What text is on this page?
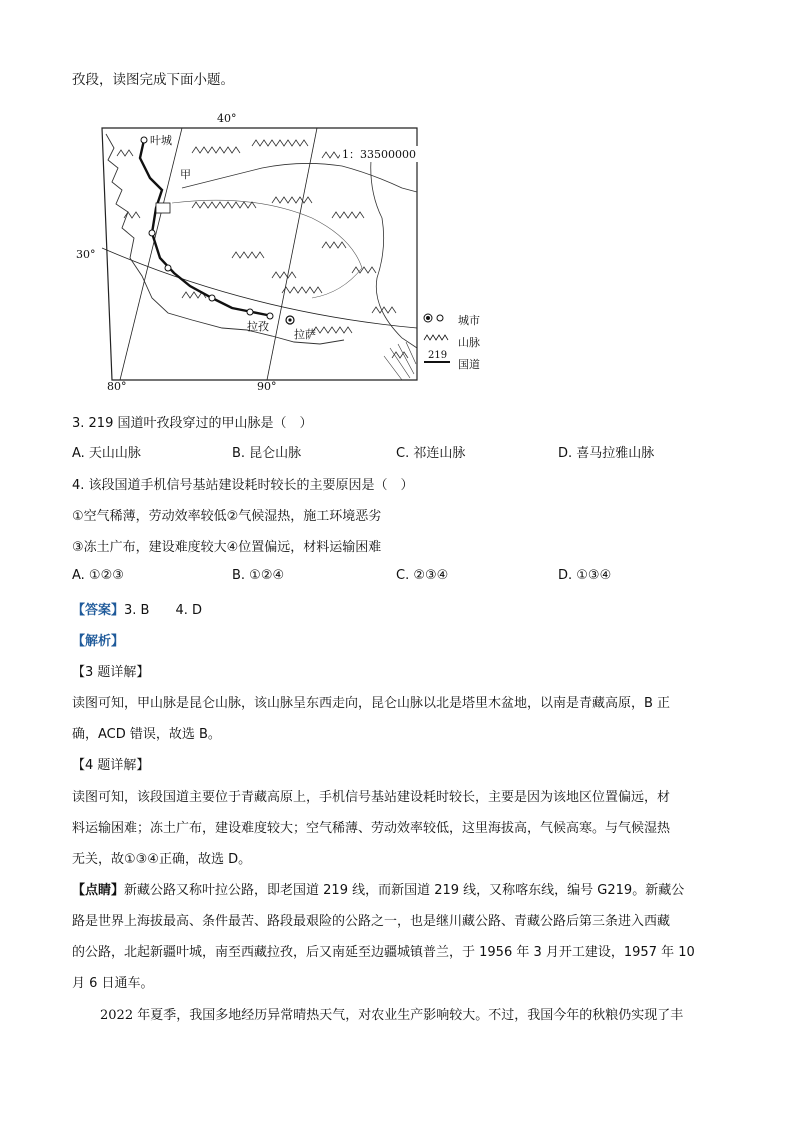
孜段，读图完成下面小题。
40°
30°
80°	90°
1：33500000
叶城
甲
拉孜
拉萨
城市
山脉
219
国道
3. 219 国道叶孜段穿过的甲山脉是（　）
A. 天山山脉	B. 昆仑山脉	C. 祁连山脉	D. 喜马拉雅山脉
4. 该段国道手机信号基站建设耗时较长的主要原因是（　）
①空气稀薄，劳动效率较低②气候湿热，施工环境恶劣
③冻土广布，建设难度较大④位置偏远，材料运输困难
A. ①②③	B. ①②④	C. ②③④	D. ①③④
【答案】3. B　　4. D
【解析】
【3 题详解】
读图可知，甲山脉是昆仑山脉，该山脉呈东西走向，昆仑山脉以北是塔里木盆地，以南是青藏高原，B 正
确，ACD 错误，故选 B。
【4 题详解】
读图可知，该段国道主要位于青藏高原上，手机信号基站建设耗时较长，主要是因为该地区位置偏远，材
料运输困难；冻土广布，建设难度较大；空气稀薄、劳动效率较低，这里海拔高，气候高寒。与气候湿热
无关，故①③④正确，故选 D。
【点睛】新藏公路又称叶拉公路，即老国道 219 线，而新国道 219 线，又称喀东线，编号 G219。新藏公
路是世界上海拔最高、条件最苦、路段最艰险的公路之一，也是继川藏公路、青藏公路后第三条进入西藏
的公路，北起新疆叶城，南至西藏拉孜，后又南延至边疆城镇普兰，于 1956 年 3 月开工建设，1957 年 10
月 6 日通车。
2022 年夏季，我国多地经历异常晴热天气，对农业生产影响较大。不过，我国今年的秋粮仍实现了丰
